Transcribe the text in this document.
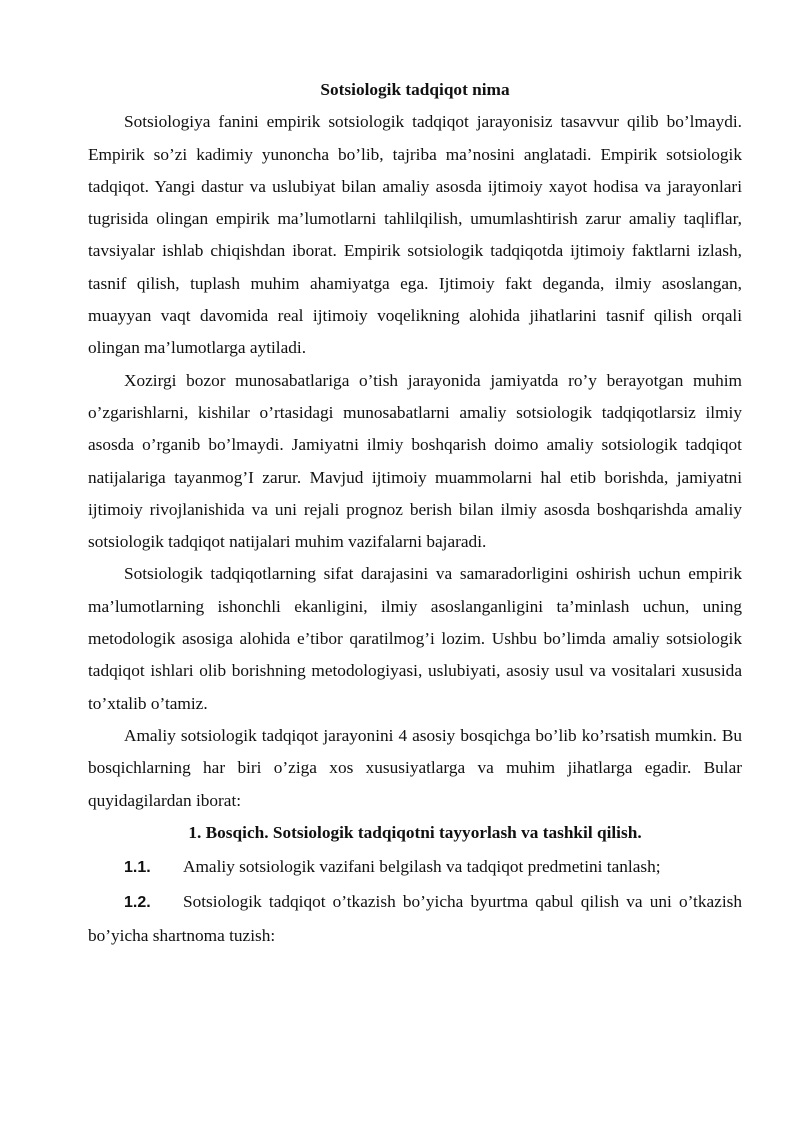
Sotsiologik tadqiqot nima

Sotsiologiya fanini empirik sotsiologik tadqiqot jarayonisiz tasavvur qilib bo’lmaydi. Empirik so’zi kadimiy yunoncha bo’lib, tajriba ma’nosini anglatadi. Empirik sotsiologik tadqiqot. Yangi dastur va uslubiyat bilan amaliy asosda ijtimoiy xayot hodisa va jarayonlari tugrisida olingan empirik ma’lumotlarni tahlilqilish, umumlashtirish zarur amaliy taqliflar, tavsiyalar ishlab chiqishdan iborat. Empirik sotsiologik tadqiqotda ijtimoiy faktlarni izlash, tasnif qilish, tuplash muhim ahamiyatga ega. Ijtimoiy fakt deganda, ilmiy asoslangan, muayyan vaqt davomida real ijtimoiy voqelikning alohida jihatlarini tasnif qilish orqali olingan ma’lumotlarga aytiladi.

Xozirgi bozor munosabatlariga o’tish jarayonida jamiyatda ro’y berayotgan muhim o’zgarishlarni, kishilar o’rtasidagi munosabatlarni amaliy sotsiologik tadqiqotlarsiz ilmiy asosda o’rganib bo’lmaydi. Jamiyatni ilmiy boshqarish doimo amaliy sotsiologik tadqiqot natijalariga tayanmog’I zarur. Mavjud ijtimoiy muammolarni hal etib borishda, jamiyatni ijtimoiy rivojlanishida va uni rejali prognoz berish bilan ilmiy asosda boshqarishda amaliy sotsiologik tadqiqot natijalari muhim vazifalarni bajaradi.

Sotsiologik tadqiqotlarning sifat darajasini va samaradorligini oshirish uchun empirik ma’lumotlarning ishonchli ekanligini, ilmiy asoslanganligini ta’minlash uchun, uning metodologik asosiga alohida e’tibor qaratilmog’i lozim. Ushbu bo’limda amaliy sotsiologik tadqiqot ishlari olib borishning metodologiyasi, uslubiyati, asosiy usul va vositalari xususida to’xtalib o’tamiz.

Amaliy sotsiologik tadqiqot jarayonini 4 asosiy bosqichga bo’lib ko’rsatish mumkin. Bu bosqichlarning har biri o’ziga xos xususiyatlarga va muhim jihatlarga egadir. Bular quyidagilardan iborat:

1. Bosqich. Sotsiologik tadqiqotni tayyorlash va tashkil qilish.

1.1. Amaliy sotsiologik vazifani belgilash va tadqiqot predmetini tanlash;

1.2. Sotsiologik tadqiqot o’tkazish bo’yicha byurtma qabul qilish va uni o’tkazish bo’yicha shartnoma tuzish:
